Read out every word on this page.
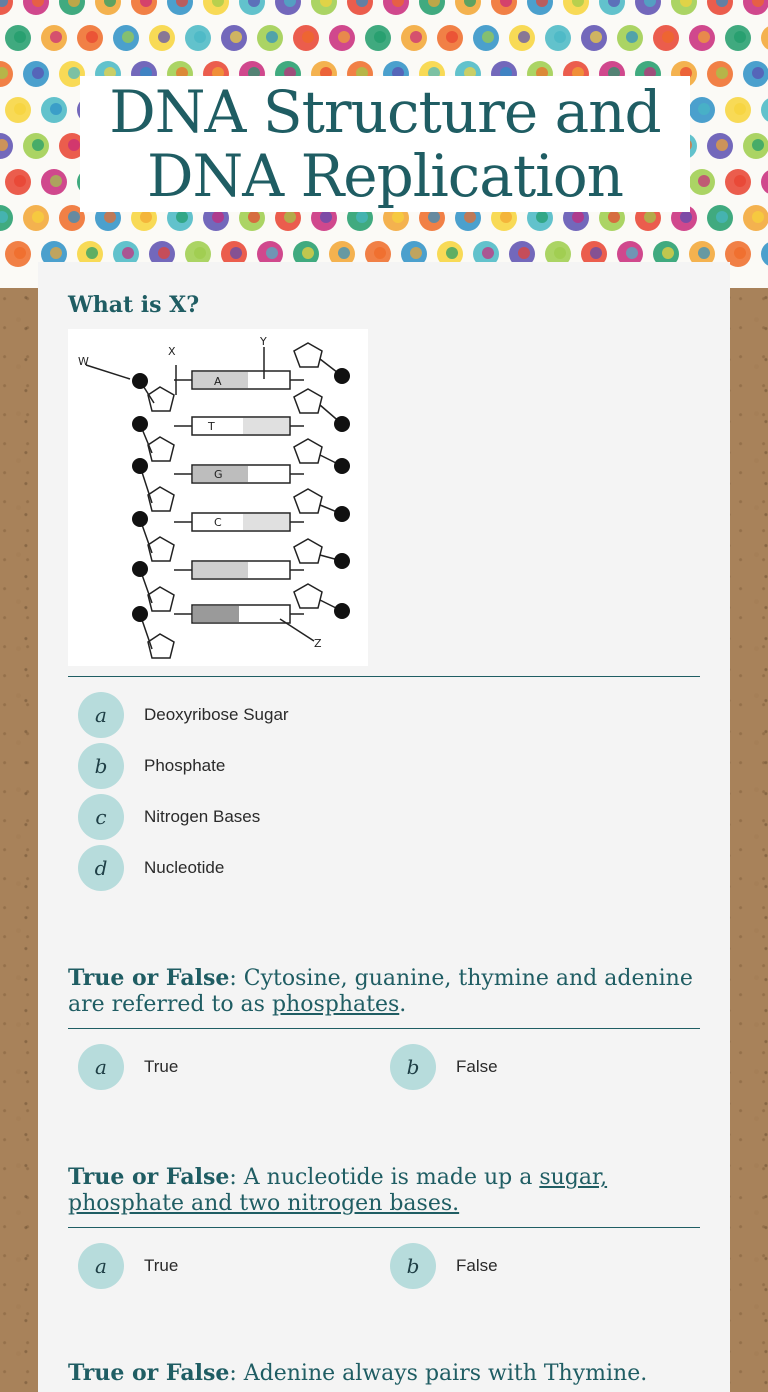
DNA Structure and DNA Replication
What is X?
W
X
Y
Z
A
T
G
C
a	Deoxyribose Sugar
b	Phosphate
c	Nitrogen Bases
d	Nucleotide
True or False: Cytosine, guanine, thymine and adenine are referred to as phosphates.
a	True	b	False
True or False: A nucleotide is made up a sugar, phosphate and two nitrogen bases.
a	True	b	False
True or False: Adenine always pairs with Thymine.
